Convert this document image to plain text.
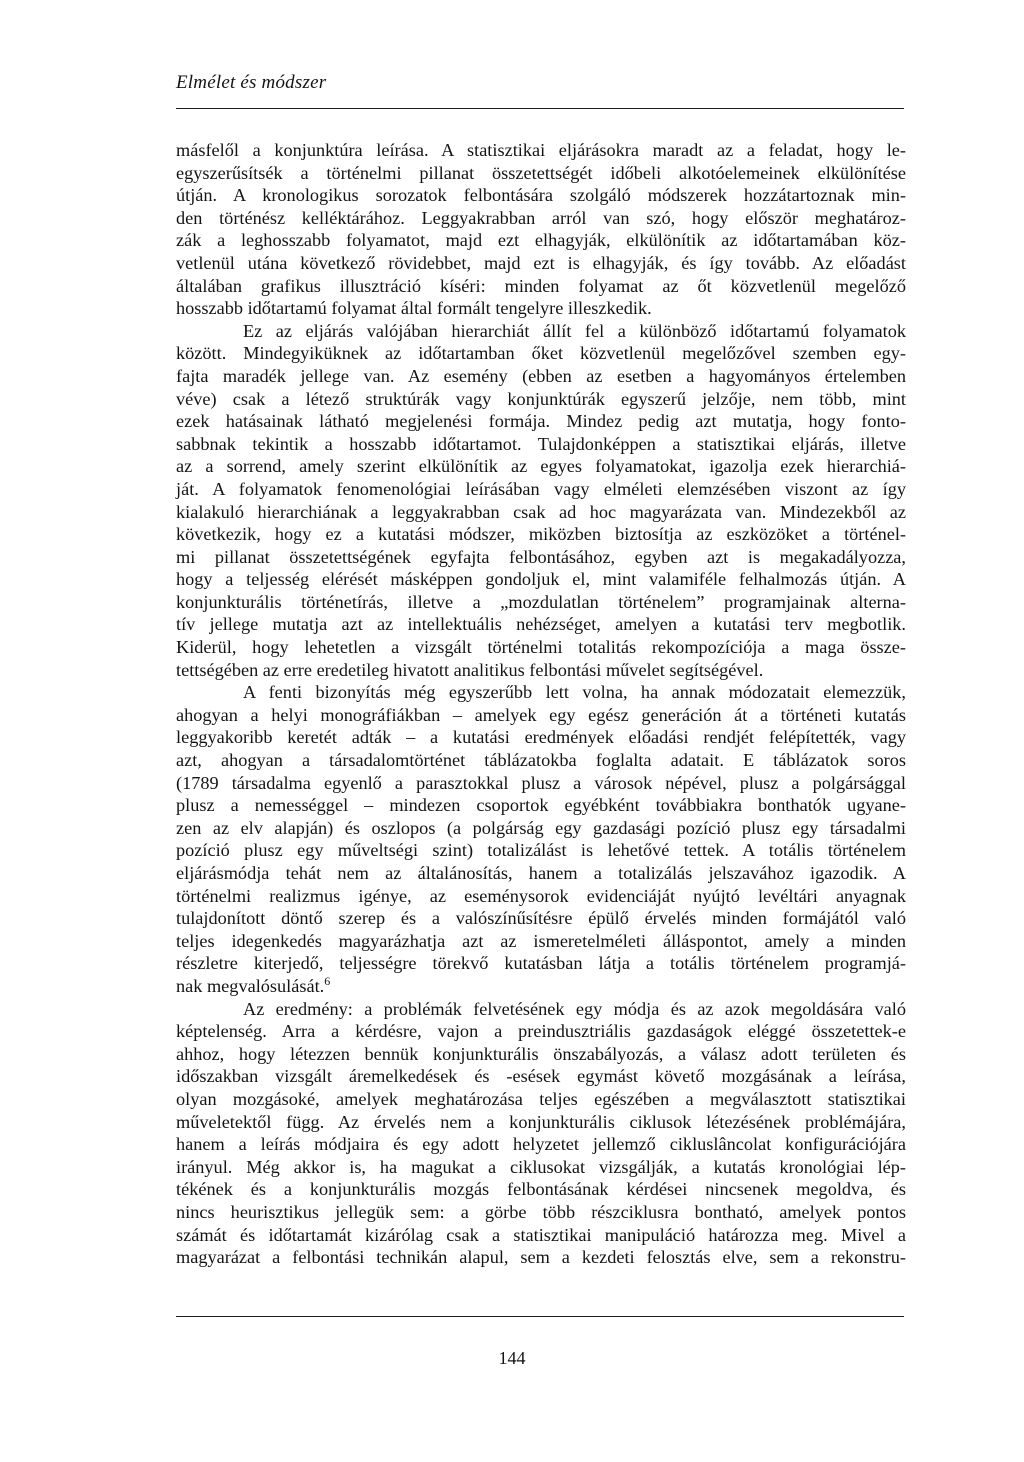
Elmélet és módszer
másfelől a konjunktúra leírása. A statisztikai eljárásokra maradt az a feladat, hogy le-
egyszerűsítsék a történelmi pillanat összetettségét időbeli alkotóelemeinek elkülönítése
útján. A kronologikus sorozatok felbontására szolgáló módszerek hozzátartoznak min-
den történész kelléktárához. Leggyakrabban arról van szó, hogy először meghatároz-
zák a leghosszabb folyamatot, majd ezt elhagyják, elkülönítik az időtartamában köz-
vetlenül utána következő rövidebbet, majd ezt is elhagyják, és így tovább. Az előadást
általában grafikus illusztráció kíséri: minden folyamat az őt közvetlenül megelőző
hosszabb időtartamú folyamat által formált tengelyre illeszkedik.
Ez az eljárás valójában hierarchiát állít fel a különböző időtartamú folyamatok
között. Mindegyiküknek az időtartamban őket közvetlenül megelőzővel szemben egy-
fajta maradék jellege van. Az esemény (ebben az esetben a hagyományos értelemben
véve) csak a létező struktúrák vagy konjunktúrák egyszerű jelzője, nem több, mint
ezek hatásainak látható megjelenési formája. Mindez pedig azt mutatja, hogy fonto-
sabbnak tekintik a hosszabb időtartamot. Tulajdonképpen a statisztikai eljárás, illetve
az a sorrend, amely szerint elkülönítik az egyes folyamatokat, igazolja ezek hierarchiá-
ját. A folyamatok fenomenológiai leírásában vagy elméleti elemzésében viszont az így
kialakuló hierarchiának a leggyakrabban csak ad hoc magyarázata van. Mindezekből az
következik, hogy ez a kutatási módszer, miközben biztosítja az eszközöket a történel-
mi pillanat összetettségének egyfajta felbontásához, egyben azt is megakadályozza,
hogy a teljesség elérését másképpen gondoljuk el, mint valamiféle felhalmozás útján. A
konjunkturális történetírás, illetve a „mozdulatlan történelem” programjainak alterna-
tív jellege mutatja azt az intellektuális nehézséget, amelyen a kutatási terv megbotlik.
Kiderül, hogy lehetetlen a vizsgált történelmi totalitás rekompozíciója a maga össze-
tettségében az erre eredetileg hivatott analitikus felbontási művelet segítségével.
A fenti bizonyítás még egyszerűbb lett volna, ha annak módozatait elemezzük,
ahogyan a helyi monográfiákban – amelyek egy egész generáción át a történeti kutatás
leggyakoribb keretét adták – a kutatási eredmények előadási rendjét felépítették, vagy
azt, ahogyan a társadalomtörténet táblázatokba foglalta adatait. E táblázatok soros
(1789 társadalma egyenlő a parasztokkal plusz a városok népével, plusz a polgársággal
plusz a nemességgel – mindezen csoportok egyébként továbbiakra bonthatók ugyane-
zen az elv alapján) és oszlopos (a polgárság egy gazdasági pozíció plusz egy társadalmi
pozíció plusz egy műveltségi szint) totalizálást is lehetővé tettek. A totális történelem
eljárásmódja tehát nem az általánosítás, hanem a totalizálás jelszavához igazodik. A
történelmi realizmus igénye, az eseménysorok evidenciáját nyújtó levéltári anyagnak
tulajdonított döntő szerep és a valószínűsítésre épülő érvelés minden formájától való
teljes idegenkedés magyarázhatja azt az ismeretelméleti álláspontot, amely a minden
részletre kiterjedő, teljességre törekvő kutatásban látja a totális történelem programjá-
nak megvalósulását.$^6$
Az eredmény: a problémák felvetésének egy módja és az azok megoldására való
képtelenség. Arra a kérdésre, vajon a preindusztriális gazdaságok eléggé összetettek-e
ahhoz, hogy létezzen bennük konjunkturális önszabályozás, a válasz adott területen és
időszakban vizsgált áremelkedések és -esések egymást követő mozgásának a leírása,
olyan mozgásoké, amelyek meghatározása teljes egészében a megválasztott statisztikai
műveletektől függ. Az érvelés nem a konjunkturális ciklusok létezésének problémájára,
hanem a leírás módjaira és egy adott helyzetet jellemző cikluslâncolat konfigurációjára
irányul. Még akkor is, ha magukat a ciklusokat vizsgálják, a kutatás kronológiai lép-
tékének és a konjunkturális mozgás felbontásának kérdései nincsenek megoldva, és
nincs heurisztikus jellegük sem: a görbe több részciklusra bontható, amelyek pontos
számát és időtartamát kizárólag csak a statisztikai manipuláció határozza meg. Mivel a
magyarázat a felbontási technikán alapul, sem a kezdeti felosztás elve, sem a rekonstru-
144
